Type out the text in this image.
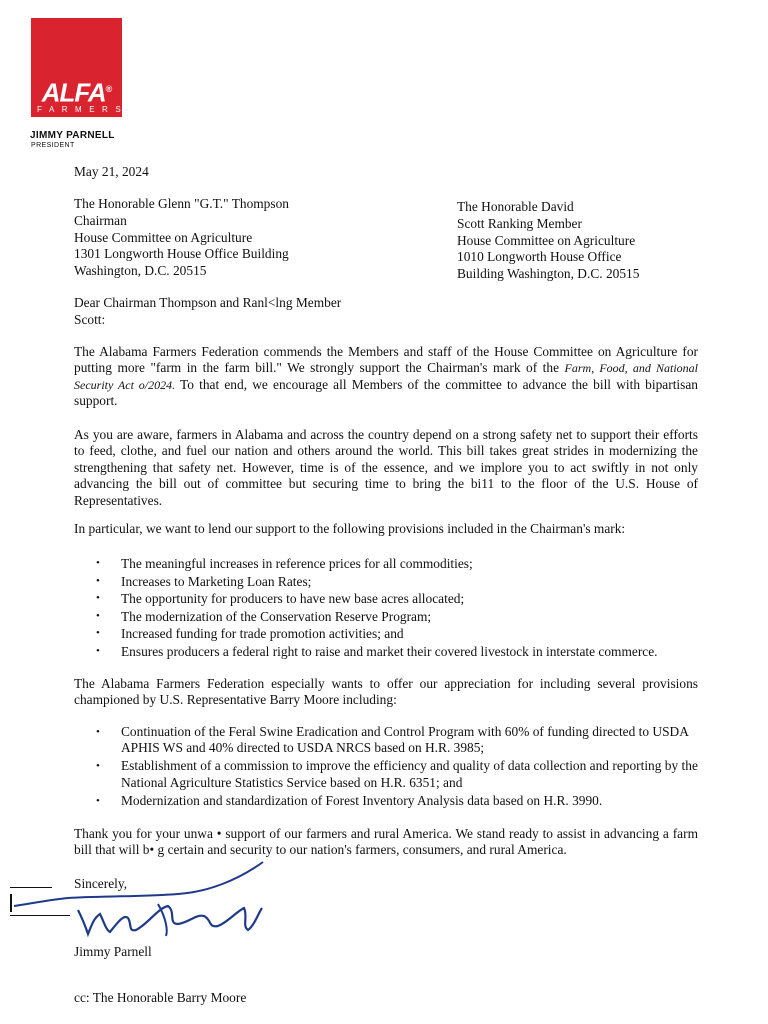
ALFA®
FARMERS
JIMMY PARNELL
PRESIDENT
May 21, 2024
The Honorable Glenn "G.T." Thompson
Chairman
House Committee on Agriculture
1301 Longworth House Office Building
Washington, D.C. 20515
The Honorable David
Scott Ranking Member
House Committee on Agriculture
1010 Longworth House Office
Building Washington, D.C. 20515
Dear Chairman Thompson and Ranl<lng Member Scott:
The Alabama Farmers Federation commends the Members and staff of the House Committee on Agriculture for putting more "farm in the farm bill." We strongly support the Chairman's mark of the Farm, Food, and National Security Act o/2024. To that end, we encourage all Members of the committee to advance the bill with bipartisan support.
As you are aware, farmers in Alabama and across the country depend on a strong safety net to support their efforts to feed, clothe, and fuel our nation and others around the world. This bill takes great strides in modernizing the strengthening that safety net. However, time is of the essence, and we implore you to act swiftly in not only advancing the bill out of committee but securing time to bring the bi11 to the floor of the U.S. House of Representatives.
In particular, we want to lend our support to the following provisions included in the Chairman's mark:
• The meaningful increases in reference prices for all commodities;
• Increases to Marketing Loan Rates;
• The opportunity for producers to have new base acres allocated;
• The modernization of the Conservation Reserve Program;
• Increased funding for trade promotion activities; and
• Ensures producers a federal right to raise and market their covered livestock in interstate commerce.
The Alabama Farmers Federation especially wants to offer our appreciation for including several provisions championed by U.S. Representative Barry Moore including:
• Continuation of the Feral Swine Eradication and Control Program with 60% of funding directed to USDA APHIS WS and 40% directed to USDA NRCS based on H.R. 3985;
• Establishment of a commission to improve the efficiency and quality of data collection and reporting by the National Agriculture Statistics Service based on H.R. 6351; and
• Modernization and standardization of Forest Inventory Analysis data based on H.R. 3990.
Thank you for your unwa • support of our farmers and rural America. We stand ready to assist in advancing a farm bill that will b• g certain and security to our nation's farmers, consumers, and rural America.
Sincerely,
Jimmy Parnell
cc: The Honorable Barry Moore
